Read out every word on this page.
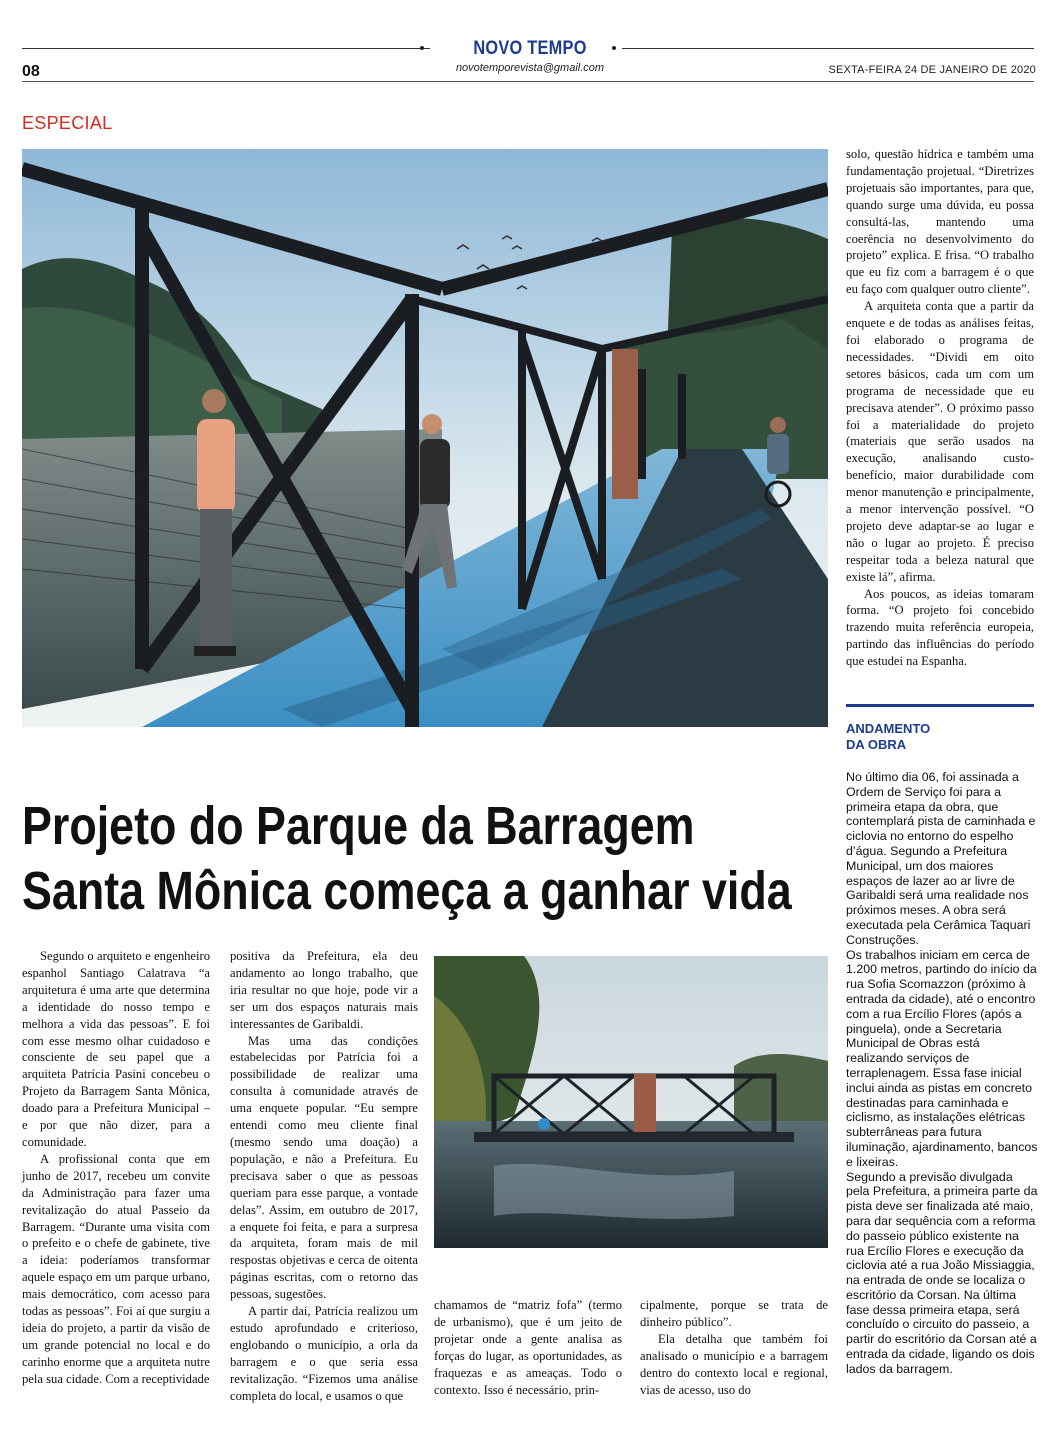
NOVO TEMPO
novotemporevista@gmail.com
08	SEXTA-FEIRA 24 DE JANEIRO DE 2020
ESPECIAL

solo, questão hídrica e também uma fundamentação projetual. “Diretrizes projetuais são importantes, para que, quando surge uma dúvida, eu possa consultá-las, mantendo uma coerência no desenvolvimento do projeto” explica. E frisa. “O trabalho que eu fiz com a barragem é o que eu faço com qualquer outro cliente”.

A arquiteta conta que a partir da enquete e de todas as análises feitas, foi elaborado o programa de necessidades. “Dividi em oito setores básicos, cada um com um programa de necessidade que eu precisava atender”. O próximo passo foi a materialidade do projeto (materiais que serão usados na execução, analisando custo-benefício, maior durabilidade com menor manutenção e principalmente, a menor intervenção possível. “O projeto deve adaptar-se ao lugar e não o lugar ao projeto. É preciso respeitar toda a beleza natural que existe lá”, afirma.

Aos poucos, as ideias tomaram forma. “O projeto foi concebido trazendo muita referência europeia, partindo das influências do período que estudei na Espanha.

ANDAMENTO
DA OBRA

No último dia 06, foi assinada a Ordem de Serviço foi para a primeira etapa da obra, que contemplará pista de caminhada e ciclovia no entorno do espelho d’água. Segundo a Prefeitura Municipal, um dos maiores espaços de lazer ao ar livre de Garibaldi será uma realidade nos próximos meses. A obra será executada pela Cerâmica Taquari Construções.

Os trabalhos iniciam em cerca de 1.200 metros, partindo do início da rua Sofia Scomazzon (próximo à entrada da cidade), até o encontro com a rua Ercílio Flores (após a pinguela), onde a Secretaria Municipal de Obras está realizando serviços de terraplenagem. Essa fase inicial inclui ainda as pistas em concreto destinadas para caminhada e ciclismo, as instalações elétricas subterrâneas para futura iluminação, ajardinamento, bancos e lixeiras.

Segundo a previsão divulgada pela Prefeitura, a primeira parte da pista deve ser finalizada até maio, para dar sequência com a reforma do passeio público existente na rua Ercílio Flores e execução da ciclovia até a rua João Missiaggia, na entrada de onde se localiza o escritório da Corsan. Na última fase dessa primeira etapa, será concluído o circuito do passeio, a partir do escritório da Corsan até a entrada da cidade, ligando os dois lados da barragem.

Projeto do Parque da Barragem
Santa Mônica começa a ganhar vida

Segundo o arquiteto e engenheiro espanhol Santiago Calatrava “a arquitetura é uma arte que determina a identidade do nosso tempo e melhora a vida das pessoas”. E foi com esse mesmo olhar cuidadoso e consciente de seu papel que a arquiteta Patrícia Pasini concebeu o Projeto da Barragem Santa Mônica, doado para a Prefeitura Municipal – e por que não dizer, para a comunidade.

A profissional conta que em junho de 2017, recebeu um convite da Administração para fazer uma revitalização do atual Passeio da Barragem. “Durante uma visita com o prefeito e o chefe de gabinete, tive a ideia: poderíamos transformar aquele espaço em um parque urbano, mais democrático, com acesso para todas as pessoas”. Foi aí que surgiu a ideia do projeto, a partir da visão de um grande potencial no local e do carinho enorme que a arquiteta nutre pela sua cidade. Com a receptividade

positiva da Prefeitura, ela deu andamento ao longo trabalho, que iria resultar no que hoje, pode vir a ser um dos espaços naturais mais interessantes de Garibaldi.

Mas uma das condições estabelecidas por Patrícia foi a possibilidade de realizar uma consulta à comunidade através de uma enquete popular. “Eu sempre entendi como meu cliente final (mesmo sendo uma doação) a população, e não a Prefeitura. Eu precisava saber o que as pessoas queriam para esse parque, a vontade delas”. Assim, em outubro de 2017, a enquete foi feita, e para a surpresa da arquiteta, foram mais de mil respostas objetivas e cerca de oitenta páginas escritas, com o retorno das pessoas, sugestões.

A partir daí, Patrícia realizou um estudo aprofundado e criterioso, englobando o município, a orla da barragem e o que seria essa revitalização. “Fizemos uma análise completa do local, e usamos o que

chamamos de “matriz fofa” (termo de urbanismo), que é um jeito de projetar onde a gente analisa as forças do lugar, as oportunidades, as fraquezas e as ameaças. Todo o contexto. Isso é necessário, prin-

cipalmente, porque se trata de dinheiro público”.

Ela detalha que também foi analisado o município e a barragem dentro do contexto local e regional, vias de acesso, uso do
